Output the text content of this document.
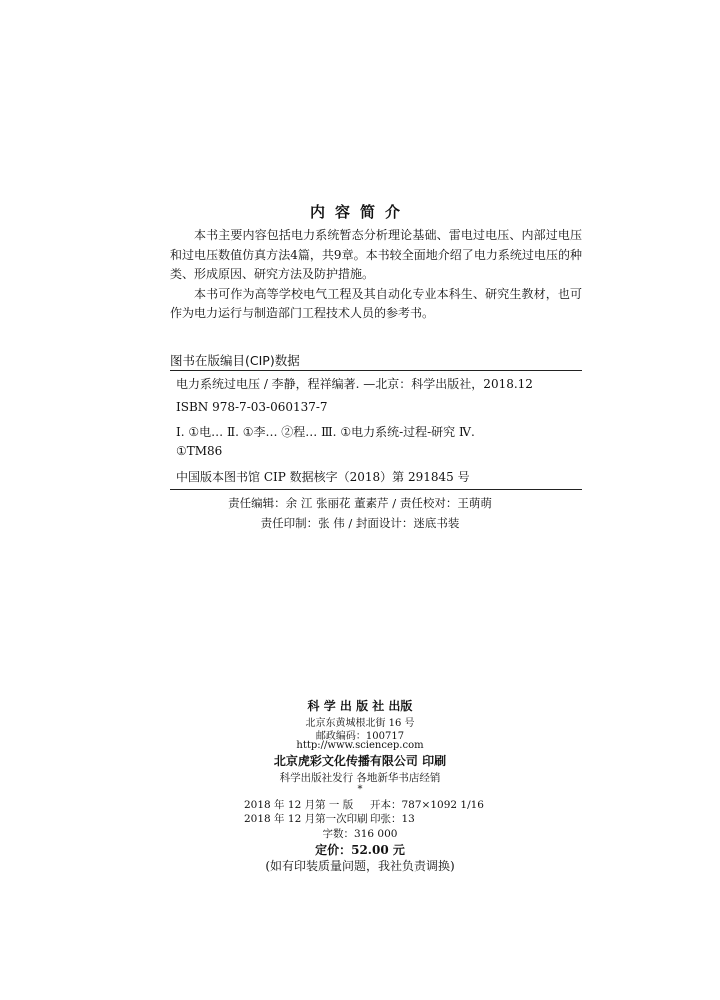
内容简介

本书主要内容包括电力系统暂态分析理论基础、雷电过电压、内部过电压和过电压数值仿真方法4篇，共9章。本书较全面地介绍了电力系统过电压的种类、形成原因、研究方法及防护措施。

本书可作为高等学校电气工程及其自动化专业本科生、研究生教材，也可作为电力运行与制造部门工程技术人员的参考书。

图书在版编目(CIP)数据
电力系统过电压 / 李静，程祥编著. —北京：科学出版社，2018.12
ISBN 978-7-03-060137-7
Ⅰ. ①电… Ⅱ. ①李… ②程… Ⅲ. ①电力系统-过程-研究 Ⅳ.
①TM86
中国版本图书馆 CIP 数据核字（2018）第 291845 号
责任编辑：余 江 张丽花 董素芹 / 责任校对：王萌萌
责任印制：张 伟 / 封面设计：迷底书装
科 学 出 版 社 出版
北京东黄城根北街 16 号
邮政编码：100717
http://www.sciencep.com
北京虎彩文化传播有限公司 印刷
科学出版社发行 各地新华书店经销
*
2018 年 12 月第 一 版 开本：787×1092 1/16
2018 年 12 月第一次印刷 印张：13
字数：316 000
定价：52.00 元
(如有印装质量问题，我社负责调换)
